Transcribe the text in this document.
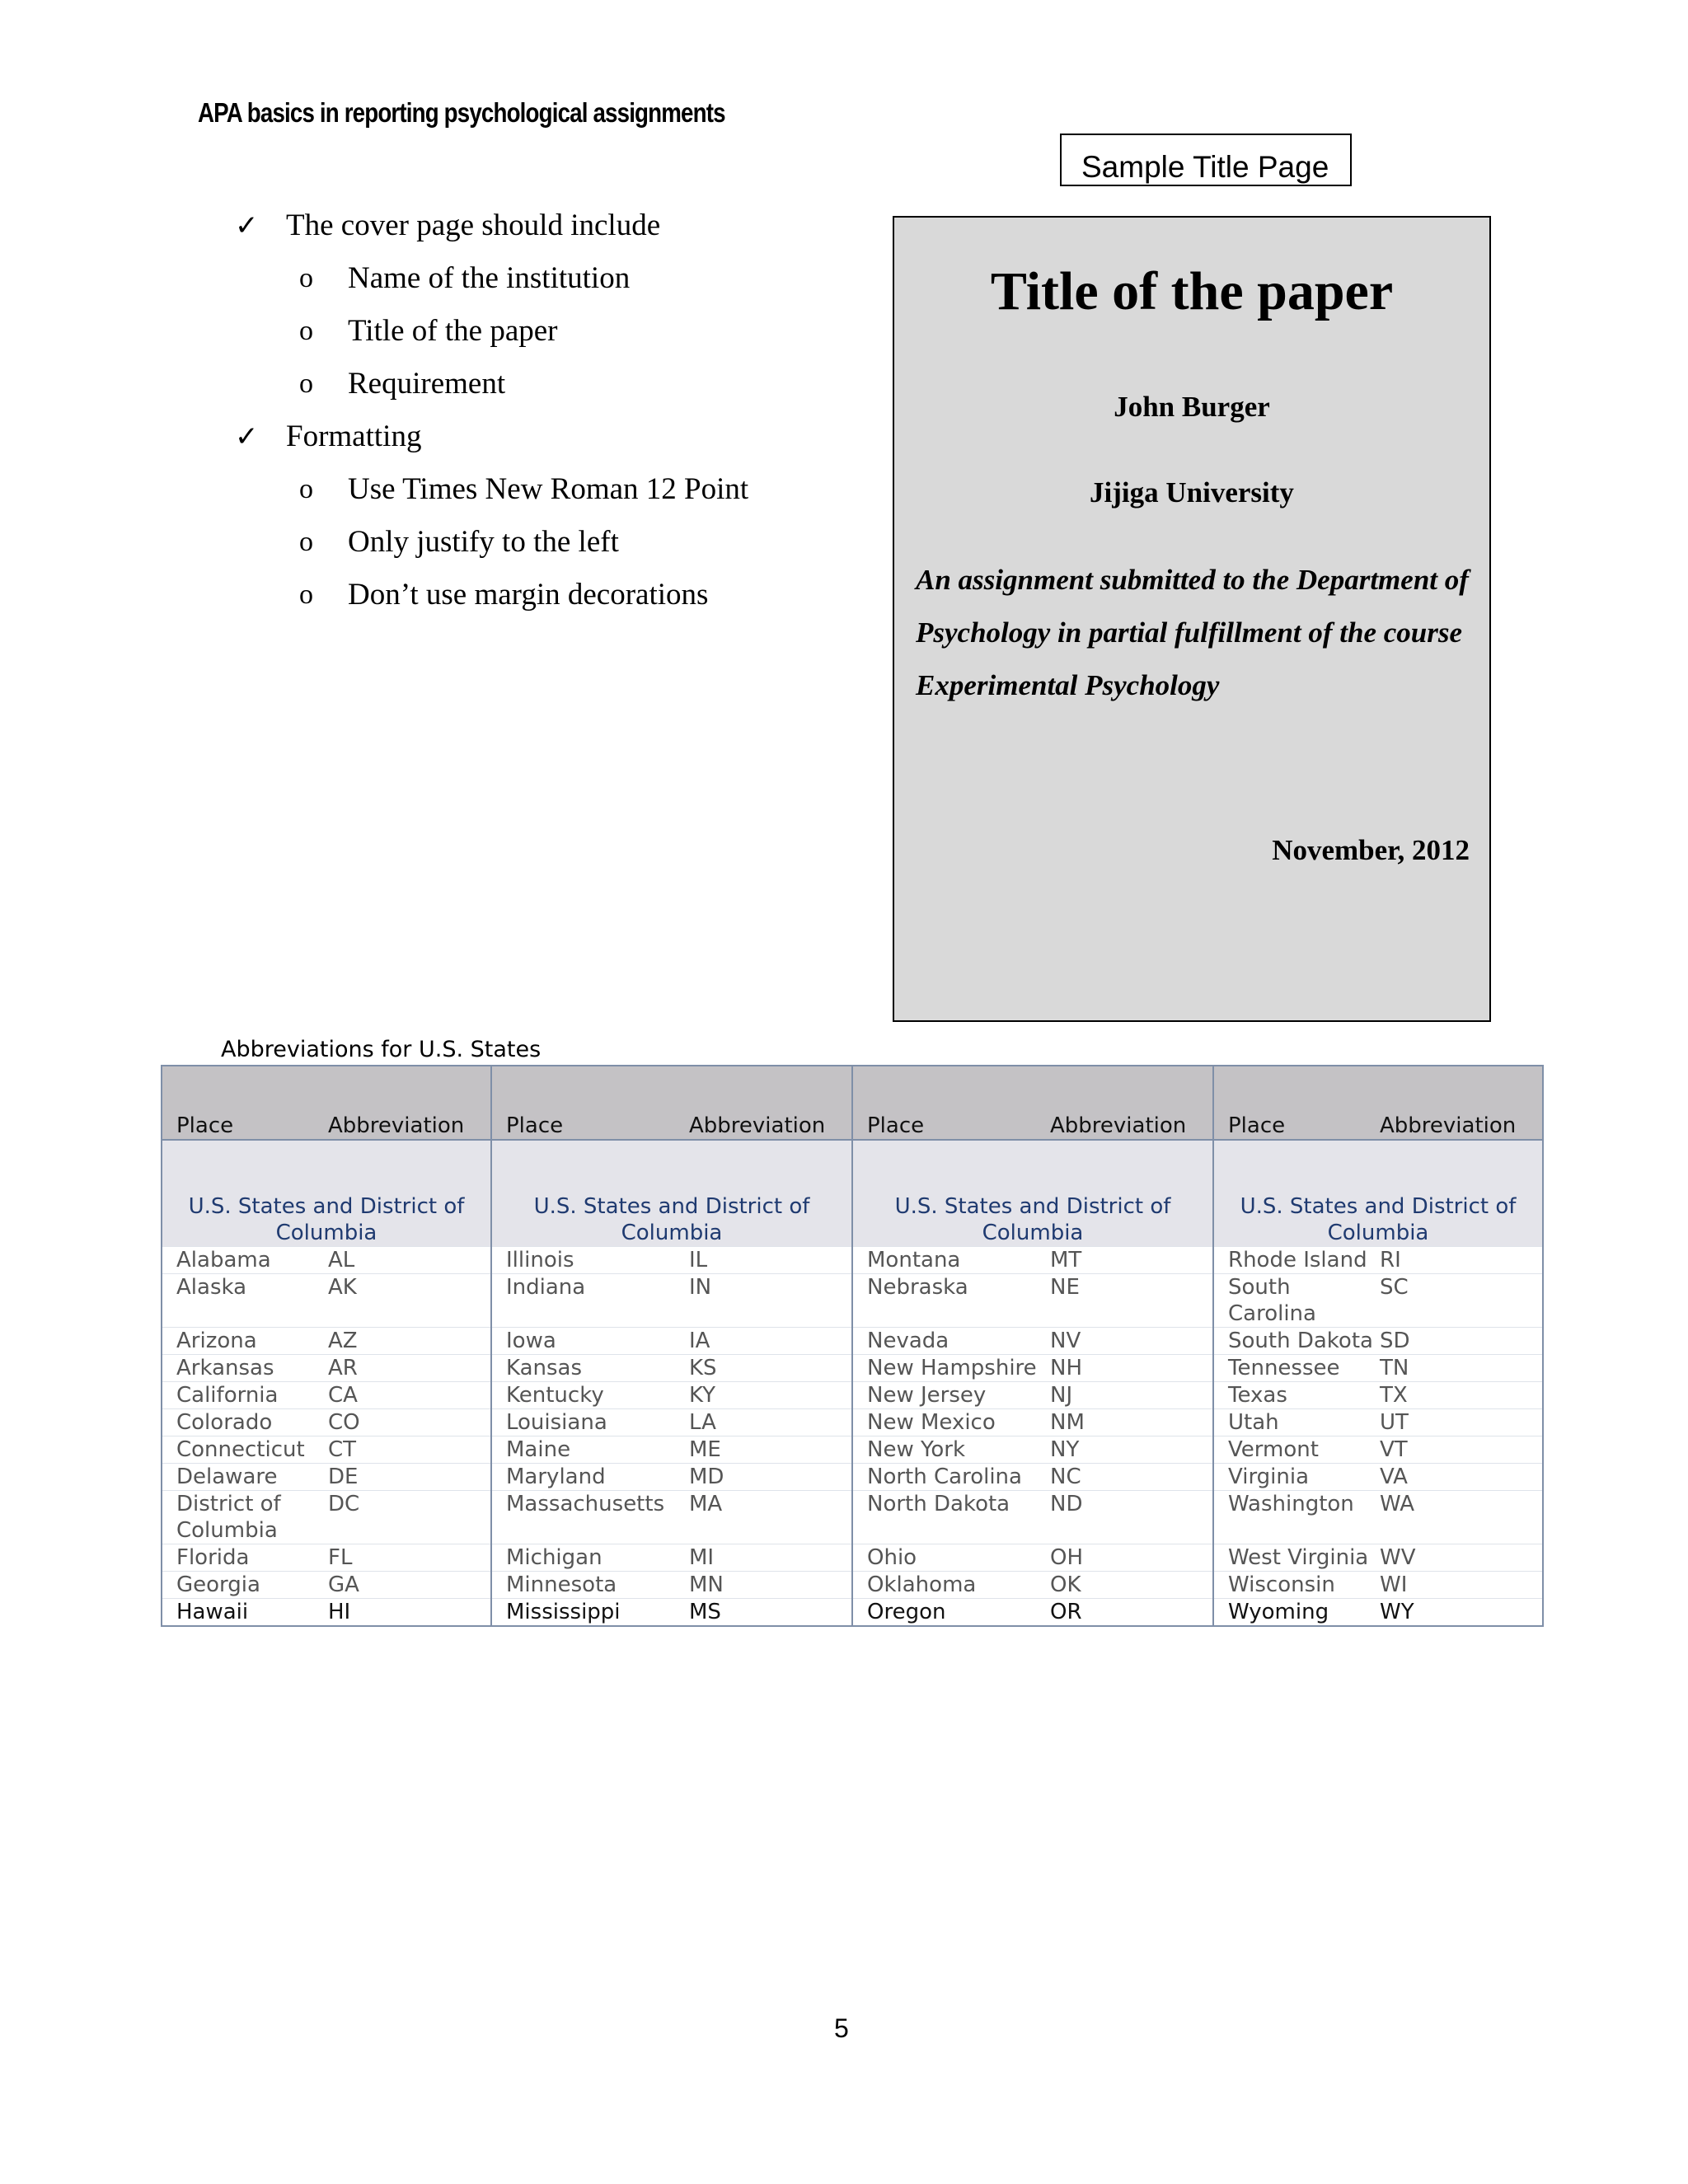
APA basics in reporting psychological assignments
✓ The cover page should include
o Name of the institution
o Title of the paper
o Requirement
✓ Formatting
o Use Times New Roman 12 Point
o Only justify to the left
o Don’t use margin decorations
Sample Title Page
Title of the paper
John Burger
Jijiga University
An assignment submitted to the Department of Psychology in partial fulfillment of the course Experimental Psychology
November, 2012
Abbreviations for U.S. States
Place	Abbreviation	Place	Abbreviation	Place	Abbreviation	Place	Abbreviation
U.S. States and District of Columbia		U.S. States and District of Columbia		U.S. States and District of Columbia		U.S. States and District of Columbia	
Alabama	AL	Illinois	IL	Montana	MT	Rhode Island	RI
Alaska	AK	Indiana	IN	Nebraska	NE	South Carolina	SC
Arizona	AZ	Iowa	IA	Nevada	NV	South Dakota	SD
Arkansas	AR	Kansas	KS	New Hampshire	NH	Tennessee	TN
California	CA	Kentucky	KY	New Jersey	NJ	Texas	TX
Colorado	CO	Louisiana	LA	New Mexico	NM	Utah	UT
Connecticut	CT	Maine	ME	New York	NY	Vermont	VT
Delaware	DE	Maryland	MD	North Carolina	NC	Virginia	VA
District of Columbia	DC	Massachusetts	MA	North Dakota	ND	Washington	WA
Florida	FL	Michigan	MI	Ohio	OH	West Virginia	WV
Georgia	GA	Minnesota	MN	Oklahoma	OK	Wisconsin	WI
Hawaii	HI	Mississippi	MS	Oregon	OR	Wyoming	WY
5
